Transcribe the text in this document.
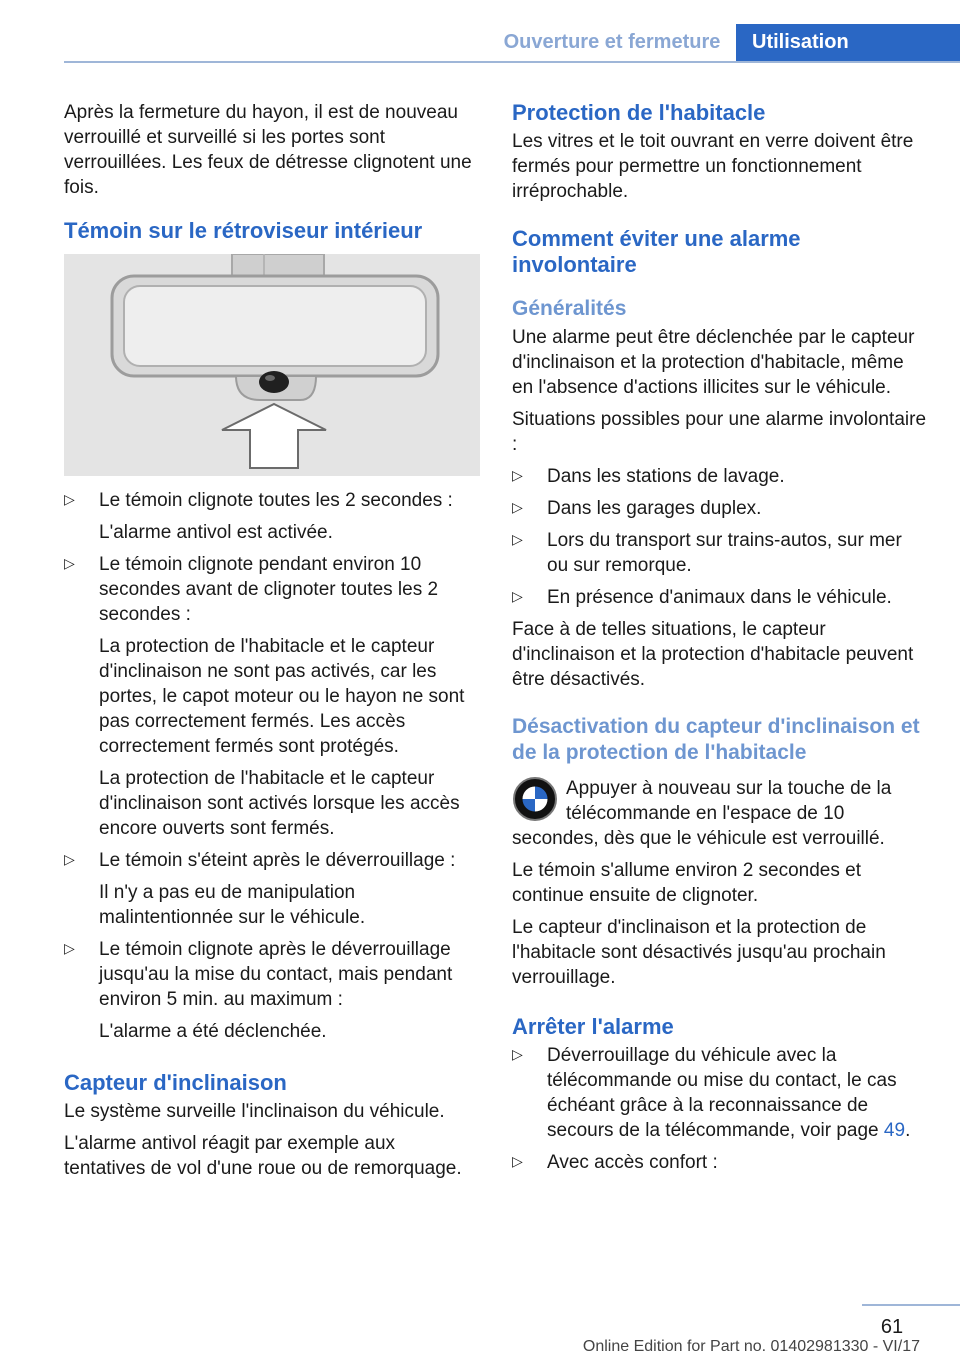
Ouverture et fermeture	Utilisation

Après la fermeture du hayon, il est de nouveau verrouillé et surveillé si les portes sont verrouillées. Les feux de détresse clignotent une fois.

Témoin sur le rétroviseur intérieur
▷ Le témoin clignote toutes les 2 secondes :
L'alarme antivol est activée.
▷ Le témoin clignote pendant environ 10 secondes avant de clignoter toutes les 2 secondes :
La protection de l'habitacle et le capteur d'inclinaison ne sont pas activés, car les portes, le capot moteur ou le hayon ne sont pas correctement fermés. Les accès correctement fermés sont protégés.
La protection de l'habitacle et le capteur d'inclinaison sont activés lorsque les accès encore ouverts sont fermés.
▷ Le témoin s'éteint après le déverrouillage :
Il n'y a pas eu de manipulation malintentionnée sur le véhicule.
▷ Le témoin clignote après le déverrouillage jusqu'au la mise du contact, mais pendant environ 5 min. au maximum :
L'alarme a été déclenchée.
Capteur d'inclinaison

Le système surveille l'inclinaison du véhicule.

L'alarme antivol réagit par exemple aux tentatives de vol d'une roue ou de remorquage.

Protection de l'habitacle

Les vitres et le toit ouvrant en verre doivent être fermés pour permettre un fonctionnement irréprochable.

Comment éviter une alarme involontaire
Généralités

Une alarme peut être déclenchée par le capteur d'inclinaison et la protection d'habitacle, même en l'absence d'actions illicites sur le véhicule.

Situations possibles pour une alarme involontaire :

▷ Dans les stations de lavage.
▷ Dans les garages duplex.
▷ Lors du transport sur trains-autos, sur mer ou sur remorque.
▷ En présence d'animaux dans le véhicule.

Face à de telles situations, le capteur d'inclinaison et la protection d'habitacle peuvent être désactivés.

Désactivation du capteur d'inclinaison et de la protection de l'habitacle

Appuyer à nouveau sur la touche de la télécommande en l'espace de 10 secondes, dès que le véhicule est verrouillé.

Le témoin s'allume environ 2 secondes et continue ensuite de clignoter.

Le capteur d'inclinaison et la protection de l'habitacle sont désactivés jusqu'au prochain verrouillage.

Arrêter l'alarme
▷ Déverrouillage du véhicule avec la télécommande ou mise du contact, le cas échéant grâce à la reconnaissance de secours de la télécommande, voir page 49.
▷ Avec accès confort :
61
Online Edition for Part no. 01402981330 - VI/17
